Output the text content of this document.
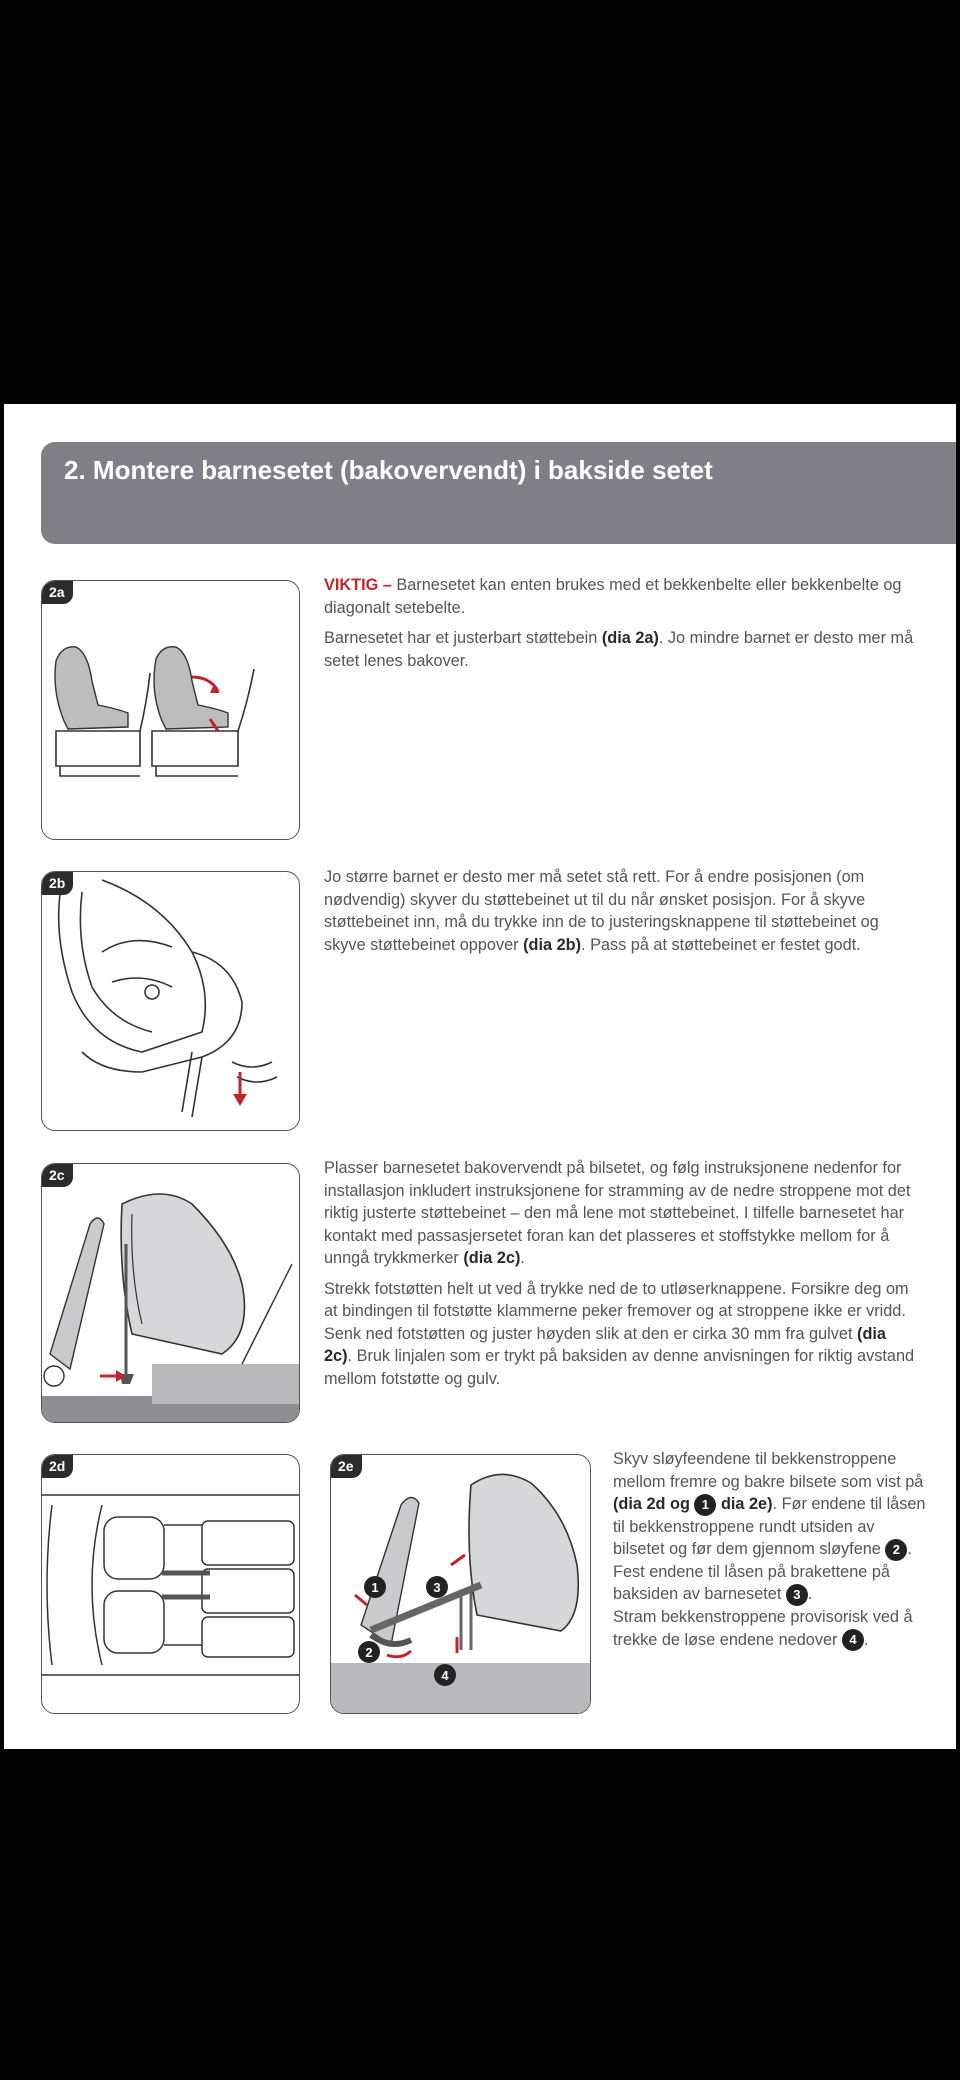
2. Montere barnesetet (bakovervendt) i bakside setet
2a	VIKTIG – Barnesetet kan enten brukes med et bekkenbelte eller bekkenbelte og diagonalt setebelte.

Barnesetet har et justerbart støttebein (dia 2a). Jo mindre barnet er desto mer må setet lenes bakover.

2b	Jo større barnet er desto mer må setet stå rett. For å endre posisjonen (om nødvendig) skyver du støttebeinet ut til du når ønsket posisjon. For å skyve støttebeinet inn, må du trykke inn de to justeringsknappene til støttebeinet og skyve støttebeinet oppover (dia 2b). Pass på at støttebeinet er festet godt.

2c	Plasser barnesetet bakovervendt på bilsetet, og følg instruksjonene nedenfor for installasjon inkludert instruksjonene for stramming av de nedre stroppene mot det riktig justerte støttebeinet – den må lene mot støttebeinet. I tilfelle barnesetet har kontakt med passasjersetet foran kan det plasseres et stoffstykke mellom for å unngå trykkmerker (dia 2c).

Strekk fotstøtten helt ut ved å trykke ned de to utløserknappene. Forsikre deg om at bindingen til fotstøtte klammerne peker fremover og at stroppene ikke er vridd. Senk ned fotstøtten og juster høyden slik at den er cirka 30 mm fra gulvet (dia 2c). Bruk linjalen som er trykt på baksiden av denne anvisningen for riktig avstand mellom fotstøtte og gulv.

2d
1
2
3
4
2e	Skyv sløyfeendene til bekkenstroppene mellom fremre og bakre bilsete som vist på (dia 2d og 1 dia 2e). Før endene til låsen til bekkenstroppene rundt utsiden av bilsetet og før dem gjennom sløyfene 2 . Fest endene til låsen på brakettene på baksiden av barnesetet 3 .
Stram bekkenstroppene provisorisk ved å trekke de løse endene nedover 4 .
